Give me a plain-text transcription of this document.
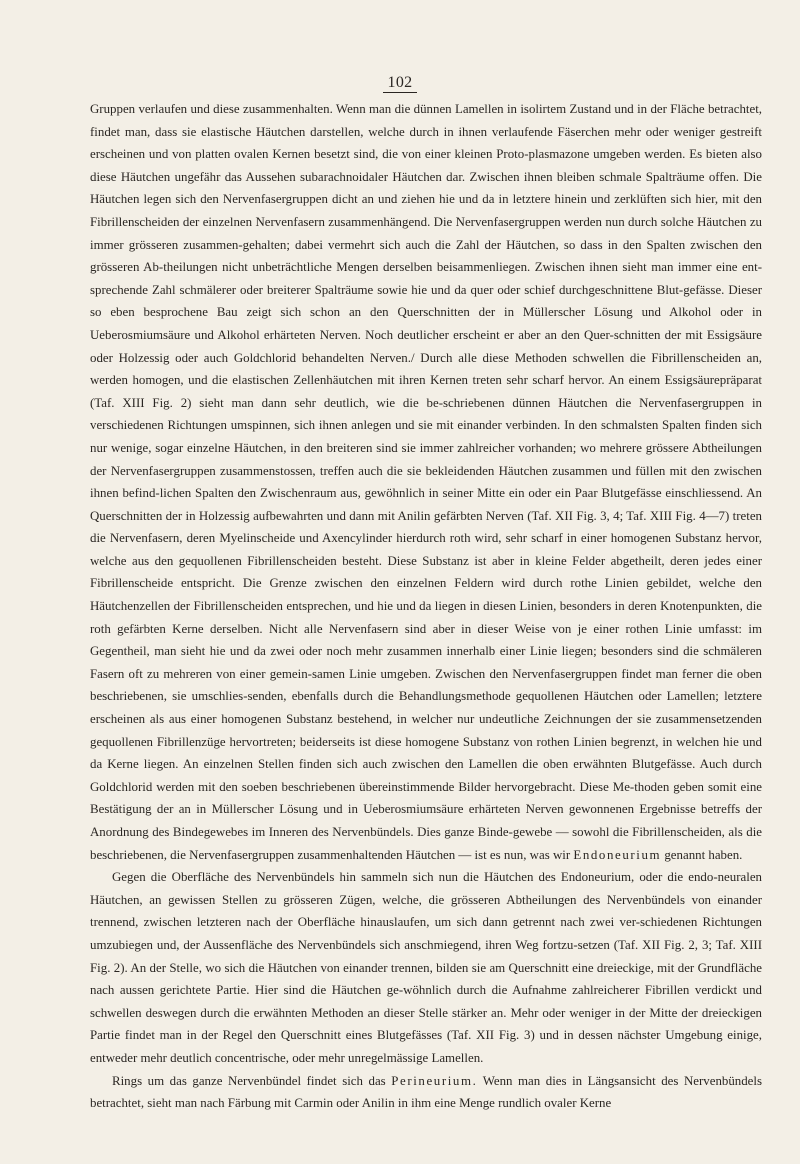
102

Gruppen verlaufen und diese zusammenhalten. Wenn man die dünnen Lamellen in isolirtem Zustand und in der Fläche betrachtet, findet man, dass sie elastische Häutchen darstellen, welche durch in ihnen verlaufende Fäserchen mehr oder weniger gestreift erscheinen und von platten ovalen Kernen besetzt sind, die von einer kleinen Proto-plasmazone umgeben werden. Es bieten also diese Häutchen ungefähr das Aussehen subarachnoidaler Häutchen dar. Zwischen ihnen bleiben schmale Spalträume offen. Die Häutchen legen sich den Nervenfasergruppen dicht an und ziehen hie und da in letztere hinein und zerklüften sich hier, mit den Fibrillenscheiden der einzelnen Nervenfasern zusammenhängend. Die Nervenfasergruppen werden nun durch solche Häutchen zu immer grösseren zusammen-gehalten; dabei vermehrt sich auch die Zahl der Häutchen, so dass in den Spalten zwischen den grösseren Ab-theilungen nicht unbeträchtliche Mengen derselben beisammenliegen. Zwischen ihnen sieht man immer eine ent-sprechende Zahl schmälerer oder breiterer Spalträume sowie hie und da quer oder schief durchgeschnittene Blut-gefässe. Dieser so eben besprochene Bau zeigt sich schon an den Querschnitten der in Müllerscher Lösung und Alkohol oder in Ueberosmiumsäure und Alkohol erhärteten Nerven. Noch deutlicher erscheint er aber an den Quer-schnitten der mit Essigsäure oder Holzessig oder auch Goldchlorid behandelten Nerven./ Durch alle diese Methoden schwellen die Fibrillenscheiden an, werden homogen, und die elastischen Zellenhäutchen mit ihren Kernen treten sehr scharf hervor. An einem Essigsäurepräparat (Taf. XIII Fig. 2) sieht man dann sehr deutlich, wie die be-schriebenen dünnen Häutchen die Nervenfasergruppen in verschiedenen Richtungen umspinnen, sich ihnen anlegen und sie mit einander verbinden. In den schmalsten Spalten finden sich nur wenige, sogar einzelne Häutchen, in den breiteren sind sie immer zahlreicher vorhanden; wo mehrere grössere Abtheilungen der Nervenfasergruppen zusammenstossen, treffen auch die sie bekleidenden Häutchen zusammen und füllen mit den zwischen ihnen befind-lichen Spalten den Zwischenraum aus, gewöhnlich in seiner Mitte ein oder ein Paar Blutgefässe einschliessend. An Querschnitten der in Holzessig aufbewahrten und dann mit Anilin gefärbten Nerven (Taf. XII Fig. 3, 4; Taf. XIII Fig. 4—7) treten die Nervenfasern, deren Myelinscheide und Axencylinder hierdurch roth wird, sehr scharf in einer homogenen Substanz hervor, welche aus den gequollenen Fibrillenscheiden besteht. Diese Substanz ist aber in kleine Felder abgetheilt, deren jedes einer Fibrillenscheide entspricht. Die Grenze zwischen den einzelnen Feldern wird durch rothe Linien gebildet, welche den Häutchenzellen der Fibrillenscheiden entsprechen, und hie und da liegen in diesen Linien, besonders in deren Knotenpunkten, die roth gefärbten Kerne derselben. Nicht alle Nervenfasern sind aber in dieser Weise von je einer rothen Linie umfasst: im Gegentheil, man sieht hie und da zwei oder noch mehr zusammen innerhalb einer Linie liegen; besonders sind die schmäleren Fasern oft zu mehreren von einer gemein-samen Linie umgeben. Zwischen den Nervenfasergruppen findet man ferner die oben beschriebenen, sie umschlies-senden, ebenfalls durch die Behandlungsmethode gequollenen Häutchen oder Lamellen; letztere erscheinen als aus einer homogenen Substanz bestehend, in welcher nur undeutliche Zeichnungen der sie zusammensetzenden gequollenen Fibrillenzüge hervortreten; beiderseits ist diese homogene Substanz von rothen Linien begrenzt, in welchen hie und da Kerne liegen. An einzelnen Stellen finden sich auch zwischen den Lamellen die oben erwähnten Blutgefässe. Auch durch Goldchlorid werden mit den soeben beschriebenen übereinstimmende Bilder hervorgebracht. Diese Me-thoden geben somit eine Bestätigung der an in Müllerscher Lösung und in Ueberosmiumsäure erhärteten Nerven gewonnenen Ergebnisse betreffs der Anordnung des Bindegewebes im Inneren des Nervenbündels. Dies ganze Binde-gewebe — sowohl die Fibrillenscheiden, als die beschriebenen, die Nervenfasergruppen zusammenhaltenden Häutchen — ist es nun, was wir Endoneurium genannt haben.

Gegen die Oberfläche des Nervenbündels hin sammeln sich nun die Häutchen des Endoneurium, oder die endo-neuralen Häutchen, an gewissen Stellen zu grösseren Zügen, welche, die grösseren Abtheilungen des Nervenbündels von einander trennend, zwischen letzteren nach der Oberfläche hinauslaufen, um sich dann getrennt nach zwei ver-schiedenen Richtungen umzubiegen und, der Aussenfläche des Nervenbündels sich anschmiegend, ihren Weg fortzu-setzen (Taf. XII Fig. 2, 3; Taf. XIII Fig. 2). An der Stelle, wo sich die Häutchen von einander trennen, bilden sie am Querschnitt eine dreieckige, mit der Grundfläche nach aussen gerichtete Partie. Hier sind die Häutchen ge-wöhnlich durch die Aufnahme zahlreicherer Fibrillen verdickt und schwellen deswegen durch die erwähnten Methoden an dieser Stelle stärker an. Mehr oder weniger in der Mitte der dreieckigen Partie findet man in der Regel den Querschnitt eines Blutgefässes (Taf. XII Fig. 3) und in dessen nächster Umgebung einige, entweder mehr deutlich concentrische, oder mehr unregelmässige Lamellen.

Rings um das ganze Nervenbündel findet sich das Perineurium. Wenn man dies in Längsansicht des Nervenbündels betrachtet, sieht man nach Färbung mit Carmin oder Anilin in ihm eine Menge rundlich ovaler Kerne
